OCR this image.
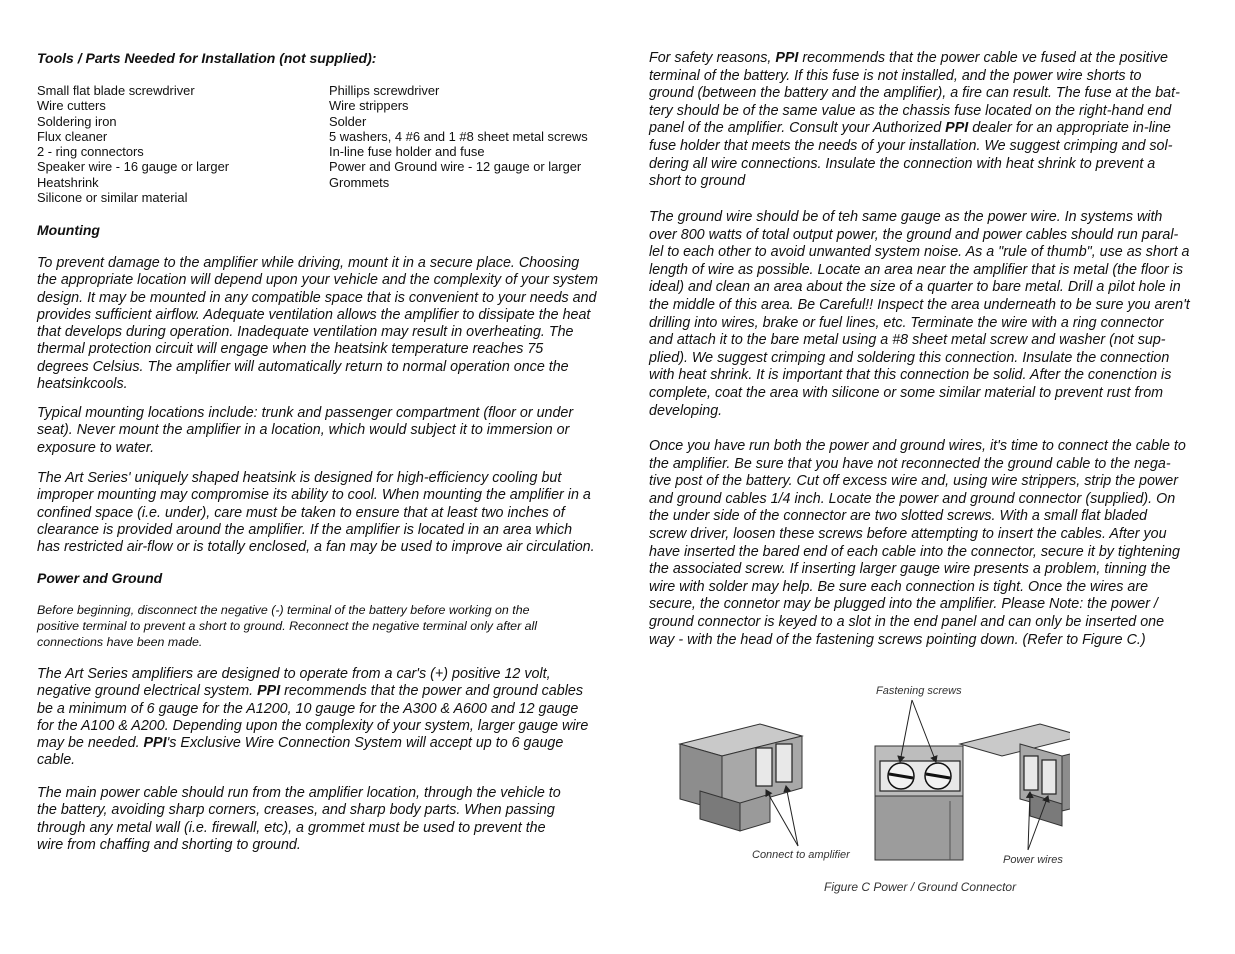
Tools / Parts Needed for Installation (not supplied):

Small flat blade screwdriver
Wire cutters
Soldering iron
Flux cleaner
2 - ring connectors
Speaker wire - 16 gauge or larger
Heatshrink
Silicone or similar material
Phillips screwdriver
Wire strippers
Solder
5 washers, 4 #6 and 1 #8 sheet metal screws
In-line fuse holder and fuse
Power and Ground wire - 12 gauge or larger
Grommets

Mounting

To prevent damage to the amplifier while driving, mount it in a secure place. Choosing
the appropriate location will depend upon your vehicle and the complexity of your system
design. It may be mounted in any compatible space that is convenient to your needs and
provides sufficient airflow. Adequate ventilation allows the amplifier to dissipate the heat
that develops during operation. Inadequate ventilation may result in overheating. The
thermal protection circuit will engage when the heatsink temperature reaches 75
degrees Celsius. The amplifier will automatically return to normal operation once the
heatsinkcools.

Typical mounting locations include: trunk and passenger compartment (floor or under
seat). Never mount the amplifier in a location, which would subject it to immersion or
exposure to water.

The Art Series' uniquely shaped heatsink is designed for high-efficiency cooling but
improper mounting may compromise its ability to cool. When mounting the amplifier in a
confined space (i.e. under), care must be taken to ensure that at least two inches of
clearance is provided around the amplifier. If the amplifier is located in an area which
has restricted air-flow or is totally enclosed, a fan may be used to improve air circulation.

Power and Ground

Before beginning, disconnect the negative (-) terminal of the battery before working on the
positive terminal to prevent a short to ground. Reconnect the negative terminal only after all
connections have been made.

The Art Series amplifiers are designed to operate from a car's (+) positive 12 volt,
negative ground electrical system. PPI recommends that the power and ground cables
be a minimum of 6 gauge for the A1200, 10 gauge for the A300 & A600 and 12 gauge
for the A100 & A200. Depending upon the complexity of your system, larger gauge wire
may be needed. PPI's Exclusive Wire Connection System will accept up to 6 gauge
cable.

The main power cable should run from the amplifier location, through the vehicle to
the battery, avoiding sharp corners, creases, and sharp body parts. When passing
through any metal wall (i.e. firewall, etc), a grommet must be used to prevent the
wire from chaffing and shorting to ground.

For safety reasons, PPI recommends that the power cable ve fused at the positive
terminal of the battery. If this fuse is not installed, and the power wire shorts to
ground (between the battery and the amplifier), a fire can result. The fuse at the bat-
tery should be of the same value as the chassis fuse located on the right-hand end
panel of the amplifier. Consult your Authorized PPI dealer for an appropriate in-line
fuse holder that meets the needs of your installation. We suggest crimping and sol-
dering all wire connections. Insulate the connection with heat shrink to prevent a
short to ground

The ground wire should be of teh same gauge as the power wire. In systems with
over 800 watts of total output power, the ground and power cables should run paral-
lel to each other to avoid unwanted system noise. As a "rule of thumb", use as short a
length of wire as possible. Locate an area near the amplifier that is metal (the floor is
ideal) and clean an area about the size of a quarter to bare metal. Drill a pilot hole in
the middle of this area. Be Careful!! Inspect the area underneath to be sure you aren't
drilling into wires, brake or fuel lines, etc. Terminate the wire with a ring connector
and attach it to the bare metal using a #8 sheet metal screw and washer (not sup-
plied). We suggest crimping and soldering this connection. Insulate the connection
with heat shrink. It is important that this connection be solid. After the conenction is
complete, coat the area with silicone or some similar material to prevent rust from
developing.

Once you have run both the power and ground wires, it's time to connect the cable to
the amplifier. Be sure that you have not reconnected the ground cable to the nega-
tive post of the battery. Cut off excess wire and, using wire strippers, strip the power
and ground cables 1/4 inch. Locate the power and ground connector (supplied). On
the under side of the connector are two slotted screws. With a small flat bladed
screw driver, loosen these screws before attempting to insert the cables. After you
have inserted the bared end of each cable into the connector, secure it by tightening
the associated screw. If inserting larger gauge wire presents a problem, tinning the
wire with solder may help. Be sure each connection is tight. Once the wires are
secure, the connetor may be plugged into the amplifier. Please Note: the power /
ground connector is keyed to a slot in the end panel and can only be inserted one
way - with the head of the fastening screws pointing down. (Refer to Figure C.)

Fastening screws
Connect to amplifier	Power wires
Figure C Power / Ground Connector
